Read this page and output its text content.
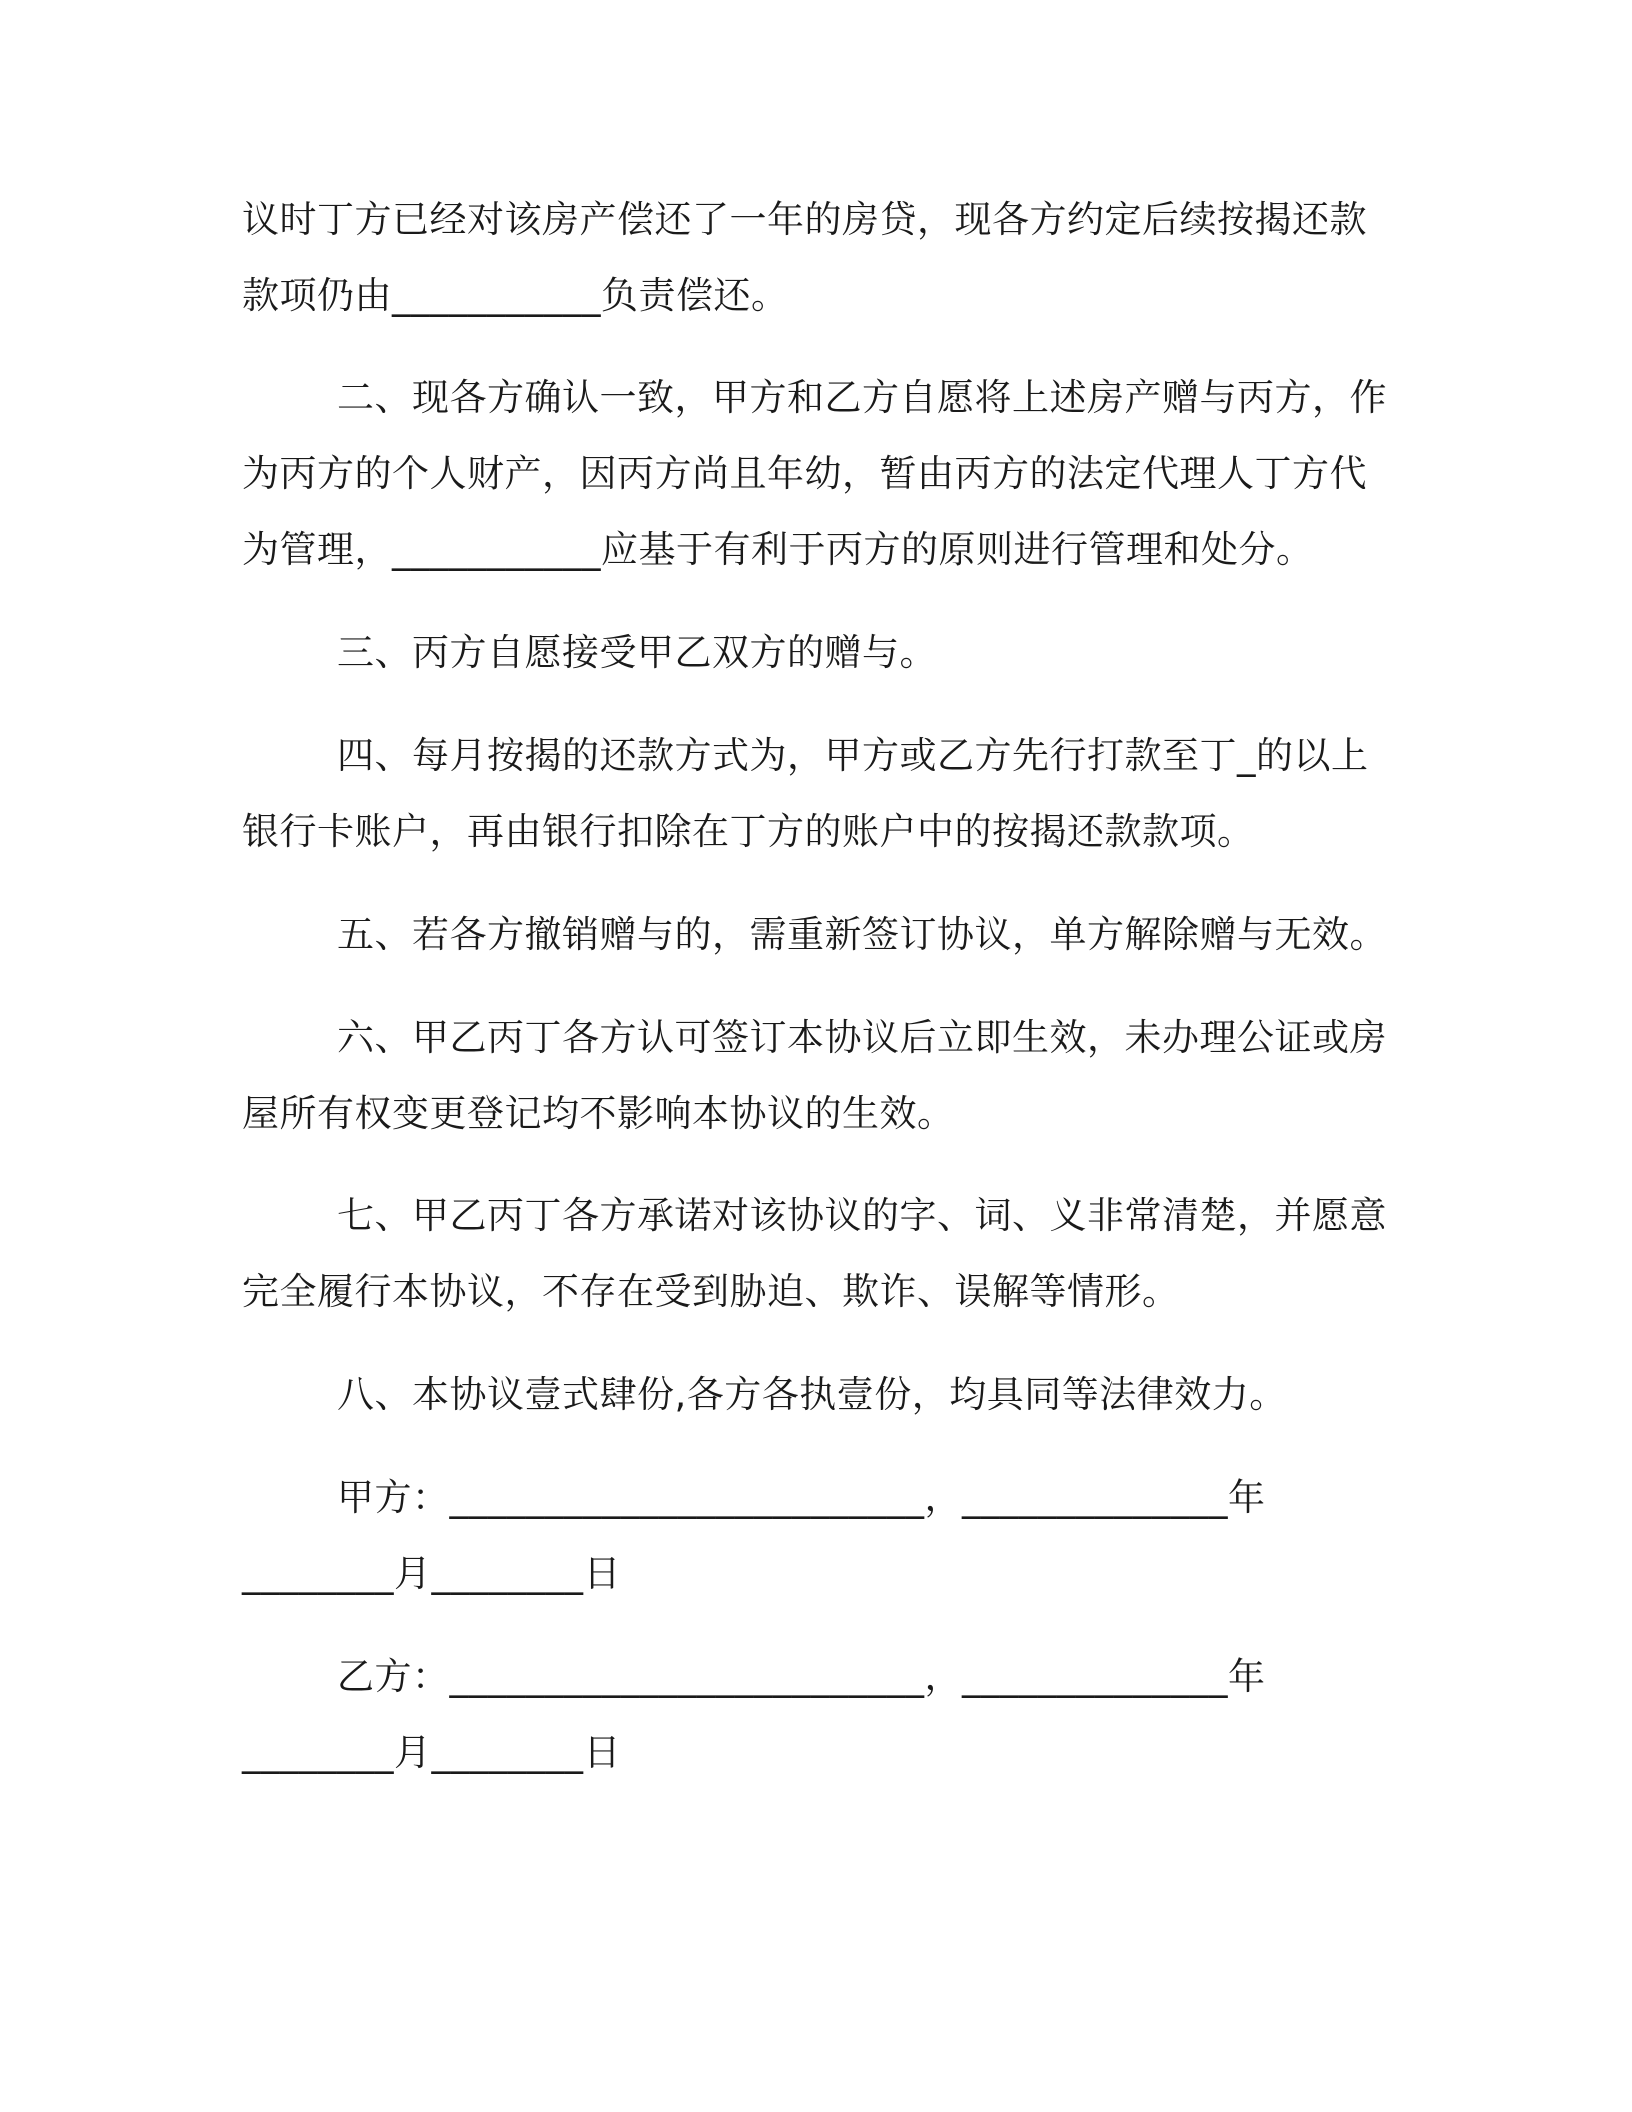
议时丁方已经对该房产偿还了一年的房贷，现各方约定后续按揭还款

款项仍由___________负责偿还。

二、现各方确认一致，甲方和乙方自愿将上述房产赠与丙方，作

为丙方的个人财产，因丙方尚且年幼，暂由丙方的法定代理人丁方代

为管理，___________应基于有利于丙方的原则进行管理和处分。

三、丙方自愿接受甲乙双方的赠与。

四、每月按揭的还款方式为，甲方或乙方先行打款至丁_的以上

银行卡账户，再由银行扣除在丁方的账户中的按揭还款款项。

五、若各方撤销赠与的，需重新签订协议，单方解除赠与无效。

六、甲乙丙丁各方认可签订本协议后立即生效，未办理公证或房

屋所有权变更登记均不影响本协议的生效。

七、甲乙丙丁各方承诺对该协议的字、词、义非常清楚，并愿意

完全履行本协议，不存在受到胁迫、欺诈、误解等情形。

八、本协议壹式肆份,各方各执壹份，均具同等法律效力。

甲方：_________________________，______________年

________月________日

乙方：_________________________，______________年

________月________日
